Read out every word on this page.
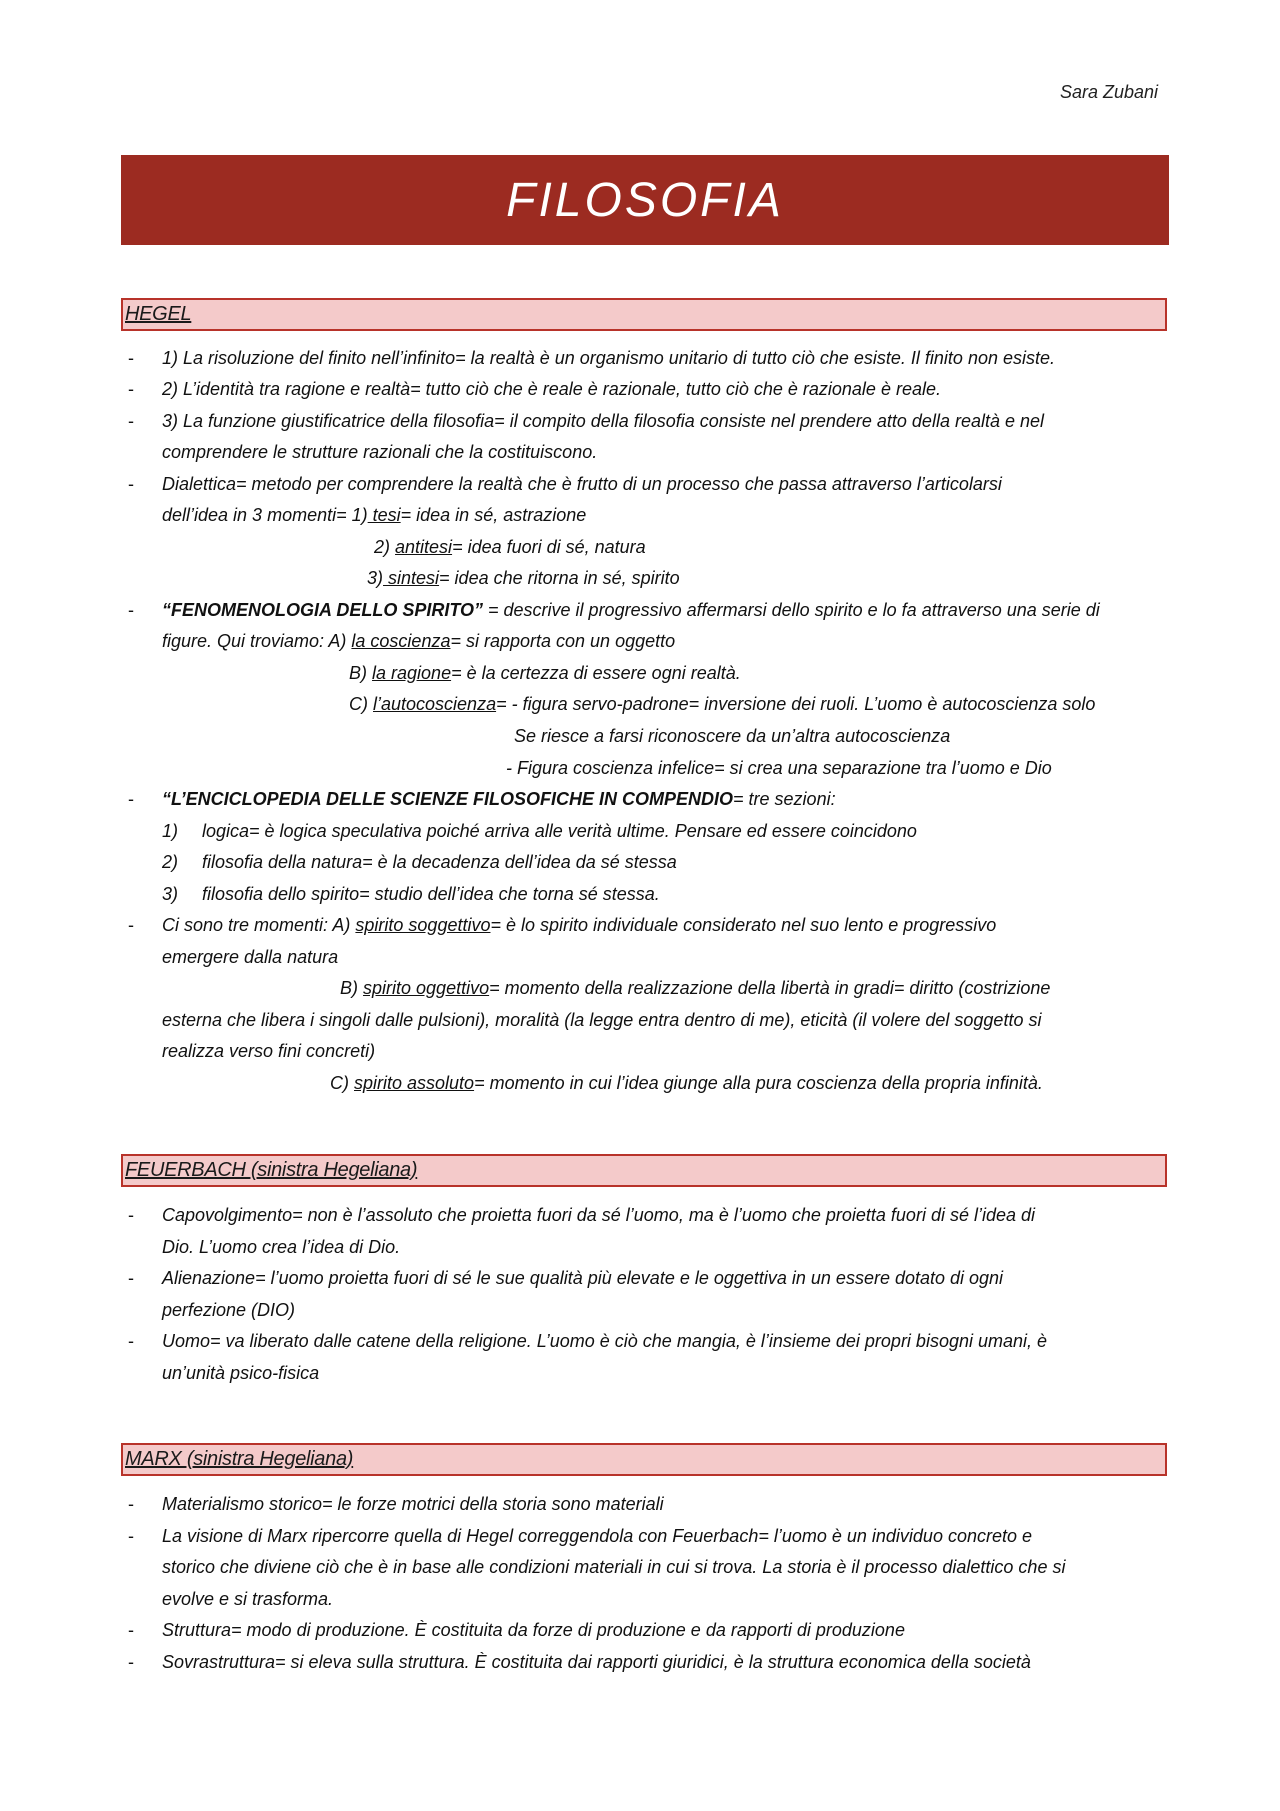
Sara Zubani
FILOSOFIA
HEGEL
- 1) La risoluzione del finito nell’infinito= la realtà è un organismo unitario di tutto ciò che esiste. Il finito non esiste.
- 2) L’identità tra ragione e realtà= tutto ciò che è reale è razionale, tutto ciò che è razionale è reale.
- 3) La funzione giustificatrice della filosofia= il compito della filosofia consiste nel prendere atto della realtà e nel
comprendere le strutture razionali che la costituiscono.
- Dialettica= metodo per comprendere la realtà che è frutto di un processo che passa attraverso l’articolarsi
dell’idea in 3 momenti= 1) tesi= idea in sé, astrazione
2) antitesi= idea fuori di sé, natura
3) sintesi= idea che ritorna in sé, spirito
- “FENOMENOLOGIA DELLO SPIRITO” = descrive il progressivo affermarsi dello spirito e lo fa attraverso una serie di
figure. Qui troviamo: A) la coscienza= si rapporta con un oggetto
B) la ragione= è la certezza di essere ogni realtà.
C) l’autocoscienza= - figura servo-padrone= inversione dei ruoli. L’uomo è autocoscienza solo
Se riesce a farsi riconoscere da un’altra autocoscienza
- Figura coscienza infelice= si crea una separazione tra l’uomo e Dio
- “L’ENCICLOPEDIA DELLE SCIENZE FILOSOFICHE IN COMPENDIO= tre sezioni:
1) logica= è logica speculativa poiché arriva alle verità ultime. Pensare ed essere coincidono
2) filosofia della natura= è la decadenza dell’idea da sé stessa
3) filosofia dello spirito= studio dell’idea che torna sé stessa.
- Ci sono tre momenti: A) spirito soggettivo= è lo spirito individuale considerato nel suo lento e progressivo
emergere dalla natura
B) spirito oggettivo= momento della realizzazione della libertà in gradi= diritto (costrizione
esterna che libera i singoli dalle pulsioni), moralità (la legge entra dentro di me), eticità (il volere del soggetto si
realizza verso fini concreti)
C) spirito assoluto= momento in cui l’idea giunge alla pura coscienza della propria infinità.
FEUERBACH (sinistra Hegeliana)
- Capovolgimento= non è l’assoluto che proietta fuori da sé l’uomo, ma è l’uomo che proietta fuori di sé l’idea di
Dio. L’uomo crea l’idea di Dio.
- Alienazione= l’uomo proietta fuori di sé le sue qualità più elevate e le oggettiva in un essere dotato di ogni
perfezione (DIO)
- Uomo= va liberato dalle catene della religione. L’uomo è ciò che mangia, è l’insieme dei propri bisogni umani, è
un’unità psico-fisica
MARX (sinistra Hegeliana)
- Materialismo storico= le forze motrici della storia sono materiali
- La visione di Marx ripercorre quella di Hegel correggendola con Feuerbach= l’uomo è un individuo concreto e
storico che diviene ciò che è in base alle condizioni materiali in cui si trova. La storia è il processo dialettico che si
evolve e si trasforma.
- Struttura= modo di produzione. È costituita da forze di produzione e da rapporti di produzione
- Sovrastruttura= si eleva sulla struttura. È costituita dai rapporti giuridici, è la struttura economica della società
